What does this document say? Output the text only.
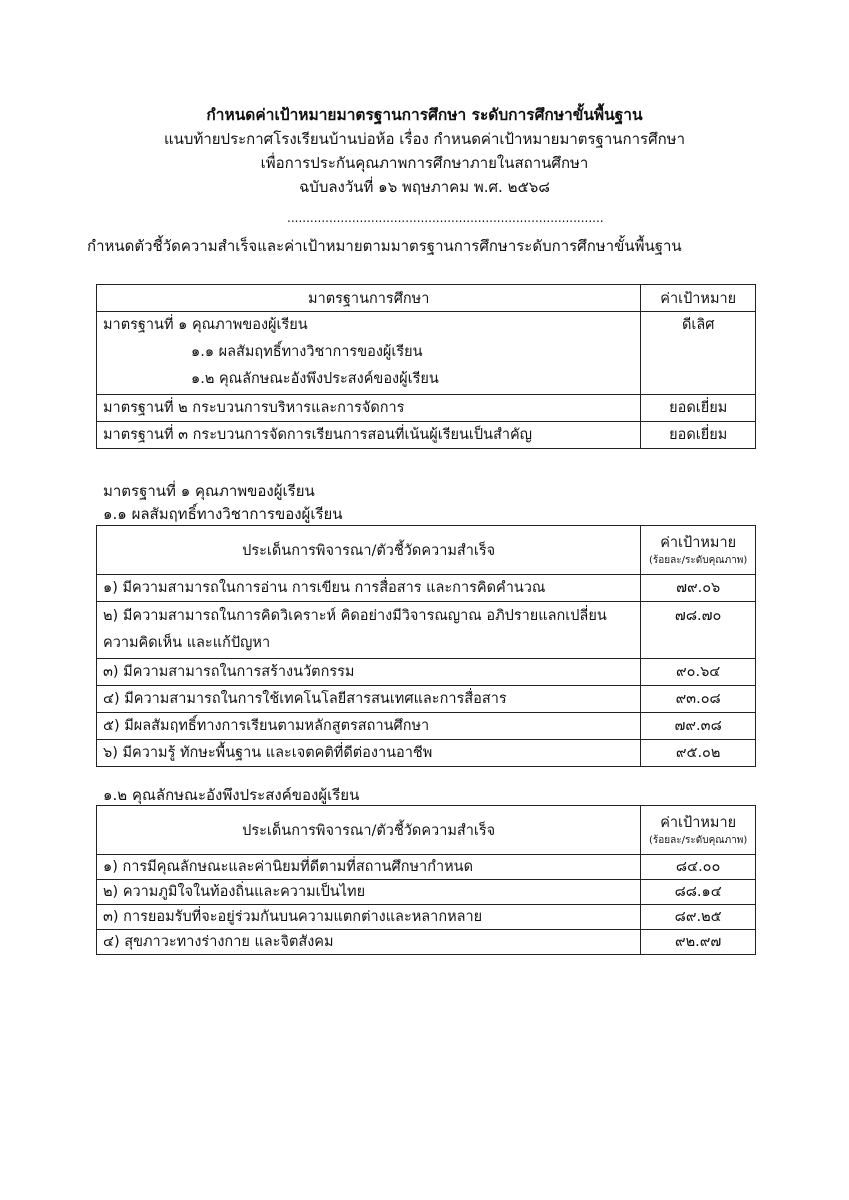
กำหนดค่าเป้าหมายมาตรฐานการศึกษา ระดับการศึกษาขั้นพื้นฐาน
แนบท้ายประกาศโรงเรียนบ้านบ่อห้อ เรื่อง กำหนดค่าเป้าหมายมาตรฐานการศึกษา
เพื่อการประกันคุณภาพการศึกษาภายในสถานศึกษา
ฉบับลงวันที่ ๑๖ พฤษภาคม พ.ศ. ๒๕๖๘
...................................................................................
กำหนดตัวชี้วัดความสำเร็จและค่าเป้าหมายตามมาตรฐานการศึกษาระดับการศึกษาขั้นพื้นฐาน
มาตรฐานการศึกษา	ค่าเป้าหมาย

มาตรฐานที่ ๑ คุณภาพของผู้เรียน
๑.๑ ผลสัมฤทธิ์ทางวิชาการของผู้เรียน
๑.๒ คุณลักษณะอังพึงประสงค์ของผู้เรียน	ดีเลิศ
มาตรฐานที่ ๒ กระบวนการบริหารและการจัดการ	ยอดเยี่ยม
มาตรฐานที่ ๓ กระบวนการจัดการเรียนการสอนที่เน้นผู้เรียนเป็นสำคัญ	ยอดเยี่ยม
มาตรฐานที่ ๑ คุณภาพของผู้เรียน
๑.๑ ผลสัมฤทธิ์ทางวิชาการของผู้เรียน
ประเด็นการพิจารณา/ตัวชี้วัดความสำเร็จ	ค่าเป้าหมาย
(ร้อยละ/ระดับคุณภาพ)

๑) มีความสามารถในการอ่าน การเขียน การสื่อสาร และการคิดคำนวณ	๗๙.๐๖

๒) มีความสามารถในการคิดวิเคราะห์ คิดอย่างมีวิจารณญาณ อภิปรายแลกเปลี่ยน
ความคิดเห็น และแก้ปัญหา	๗๘.๗๐
๓) มีความสามารถในการสร้างนวัตกรรม	๙๐.๖๔
๔) มีความสามารถในการใช้เทคโนโลยีสารสนเทศและการสื่อสาร	๙๓.๐๘
๕) มีผลสัมฤทธิ์ทางการเรียนตามหลักสูตรสถานศึกษา	๗๙.๓๘
๖) มีความรู้ ทักษะพื้นฐาน และเจตคติที่ดีต่องานอาชีพ	๙๕.๐๒
๑.๒ คุณลักษณะอังพึงประสงค์ของผู้เรียน
ประเด็นการพิจารณา/ตัวชี้วัดความสำเร็จ	ค่าเป้าหมาย
(ร้อยละ/ระดับคุณภาพ)

๑) การมีคุณลักษณะและค่านิยมที่ดีตามที่สถานศึกษากำหนด	๘๔.๐๐
๒) ความภูมิใจในท้องถิ่นและความเป็นไทย	๘๘.๑๔
๓) การยอมรับที่จะอยู่ร่วมกันบนความแตกต่างและหลากหลาย	๘๙.๒๕
๔) สุขภาวะทางร่างกาย และจิตสังคม	๙๒.๙๗
